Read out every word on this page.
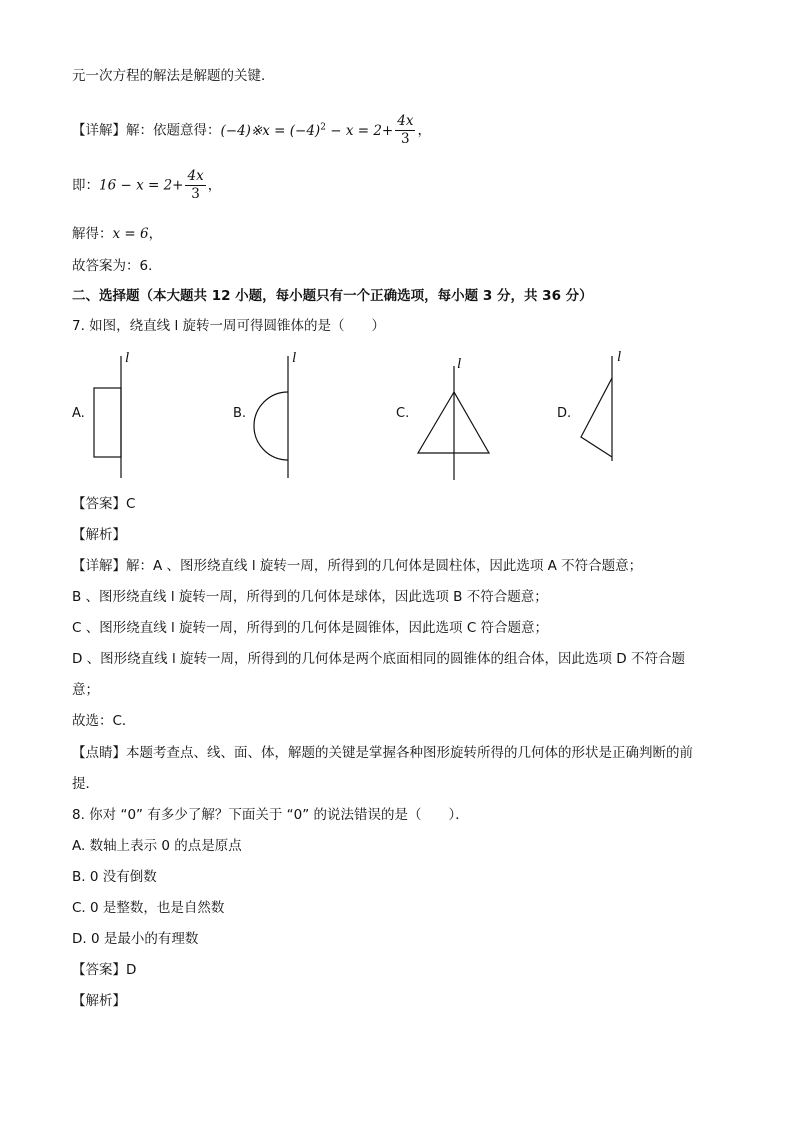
元一次方程的解法是解题的关键．
【详解】解：依题意得：(−4)※x = $(-4)^2 - x = 2+ \frac{4x}{3}$ ，
即：$16 - x = 2+ \frac{4x}{3}$ ，
解得：x = 6，
故答案为：6．
二、选择题（本大题共 12 小题，每小题只有一个正确选项，每小题 3 分，共 36 分）
7. 如图，绕直线 l 旋转一周可得圆锥体的是（　　）
A.
l
B.
l
C.
l
D.
l
【答案】C
【解析】
【详解】解：A 、图形绕直线 l 旋转一周，所得到的几何体是圆柱体，因此选项 A 不符合题意；
B 、图形绕直线 l 旋转一周，所得到的几何体是球体，因此选项 B 不符合题意；
C 、图形绕直线 l 旋转一周，所得到的几何体是圆锥体，因此选项 C 符合题意；
D 、图形绕直线 l 旋转一周，所得到的几何体是两个底面相同的圆锥体的组合体，因此选项 D 不符合题
意；
故选：C．
【点睛】本题考查点、线、面、体，解题的关键是掌握各种图形旋转所得的几何体的形状是正确判断的前
提．
8. 你对 “0” 有多少了解？下面关于 “0” 的说法错误的是（　　）．
A. 数轴上表示 0 的点是原点
B. 0 没有倒数
C. 0 是整数，也是自然数
D. 0 是最小的有理数
【答案】D
【解析】
